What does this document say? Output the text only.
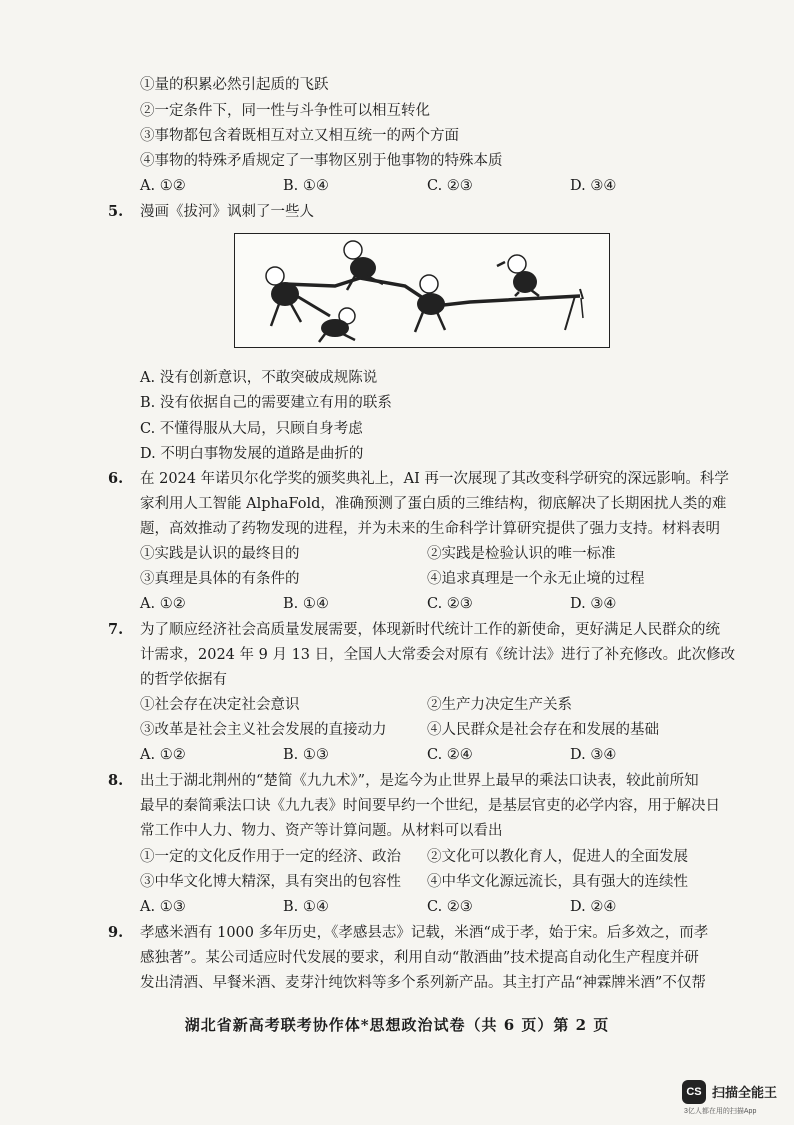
①量的积累必然引起质的飞跃
②一定条件下，同一性与斗争性可以相互转化
③事物都包含着既相互对立又相互统一的两个方面
④事物的特殊矛盾规定了一事物区别于他事物的特殊本质
A. ①②	B. ①④	C. ②③	D. ③④
5. 漫画《拔河》讽刺了一些人
A. 没有创新意识，不敢突破成规陈说
B. 没有依据自己的需要建立有用的联系
C. 不懂得服从大局，只顾自身考虑
D. 不明白事物发展的道路是曲折的
6. 在 2024 年诺贝尔化学奖的颁奖典礼上，AI 再一次展现了其改变科学研究的深远影响。科学
家利用人工智能 AlphaFold，准确预测了蛋白质的三维结构，彻底解决了长期困扰人类的难
题，高效推动了药物发现的进程，并为未来的生命科学计算研究提供了强力支持。材料表明
①实践是认识的最终目的	②实践是检验认识的唯一标准
③真理是具体的有条件的	④追求真理是一个永无止境的过程
A. ①②	B. ①④	C. ②③	D. ③④
7. 为了顺应经济社会高质量发展需要，体现新时代统计工作的新使命，更好满足人民群众的统
计需求，2024 年 9 月 13 日，全国人大常委会对原有《统计法》进行了补充修改。此次修改
的哲学依据有
①社会存在决定社会意识	②生产力决定生产关系
③改革是社会主义社会发展的直接动力	④人民群众是社会存在和发展的基础
A. ①②	B. ①③	C. ②④	D. ③④
8. 出土于湖北荆州的“楚简《九九术》”，是迄今为止世界上最早的乘法口诀表，较此前所知
最早的秦简乘法口诀《九九表》时间要早约一个世纪，是基层官吏的必学内容，用于解决日
常工作中人力、物力、资产等计算问题。从材料可以看出
①一定的文化反作用于一定的经济、政治 ②文化可以教化育人，促进人的全面发展
③中华文化博大精深，具有突出的包容性 ④中华文化源远流长，具有强大的连续性
A. ①③	B. ①④	C. ②③	D. ②④
9. 孝感米酒有 1000 多年历史，《孝感县志》记载，米酒“成于孝，始于宋。后多效之，而孝
感独著”。某公司适应时代发展的要求，利用自动“散酒曲”技术提高自动化生产程度并研
发出清酒、早餐米酒、麦芽汁纯饮料等多个系列新产品。其主打产品“神霖牌米酒”不仅帮
湖北省新高考联考协作体*思想政治试卷（共 6 页）第 2 页
CS 扫描全能王
3亿人都在用的扫描App
